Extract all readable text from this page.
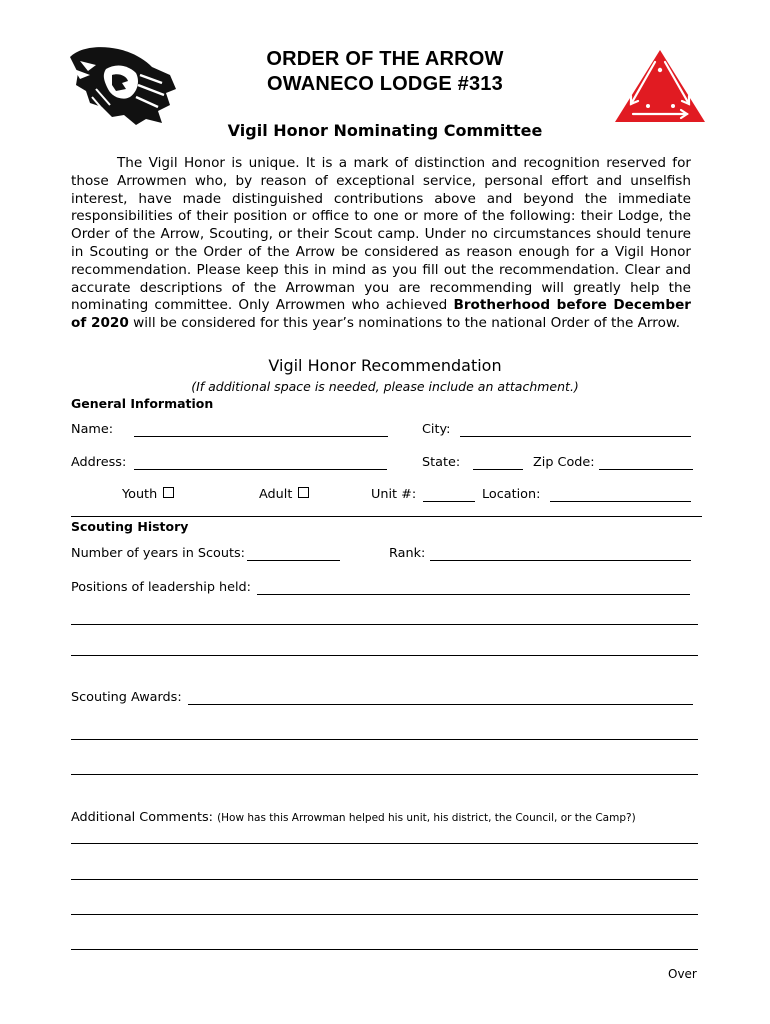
ORDER OF THE ARROW
OWANECO LODGE #313
Vigil Honor Nominating Committee
The Vigil Honor is unique. It is a mark of distinction and recognition reserved for those Arrowmen who, by reason of exceptional service, personal effort and unselfish interest, have made distinguished contributions above and beyond the immediate responsibilities of their position or office to one or more of the following: their Lodge, the Order of the Arrow, Scouting, or their Scout camp. Under no circumstances should tenure in Scouting or the Order of the Arrow be considered as reason enough for a Vigil Honor recommendation. Please keep this in mind as you fill out the recommendation. Clear and accurate descriptions of the Arrowman you are recommending will greatly help the nominating committee. Only Arrowmen who achieved Brotherhood before December of 2020 will be considered for this year’s nominations to the national Order of the Arrow.
Vigil Honor Recommendation
(If additional space is needed, please include an attachment.)
General Information
Name:	City:
Address:	State:	Zip Code:
Youth	Adult	Unit #:	Location:
Scouting History
Number of years in Scouts:	Rank:
Positions of leadership held:
Scouting Awards:
Additional Comments: (How has this Arrowman helped his unit, his district, the Council, or the Camp?)
Over
